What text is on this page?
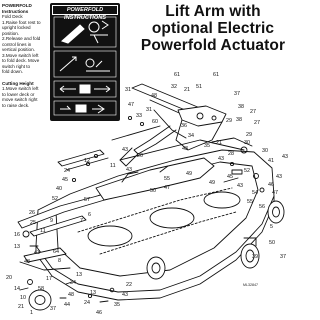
Lift Arm with
optional Electric
Powerfold Actuator
POWERFOLD Instructions
Fold Deck
1.Raise foot rest to
upright locked
position.
2.Release and fold
control lines in
vertical position.
3.Move switch left
to fold deck. Move
switch right to
fold down.
Cutting Height
1.Move switch left
to lower deck or
move switch right
to raise deck.
POWERFOLD INSTRUCTIONS
48
31
60
31
47
33
32
61
21
61
37
38
38
27
27
29
30
30
41
43
43
46
47
5
29
36
34
35 21
28
43
43
43
20
43
11
55
47
49
49
45
52
43
54
55
56
50
39	37
50
12
24
45
40
52	57
6
7
26
25	9
16
13
11
48
20
14
10
21
43 64
8
17
58
1
37
44
48
46
24	35
43
22
13
34
13
51
ML32847
